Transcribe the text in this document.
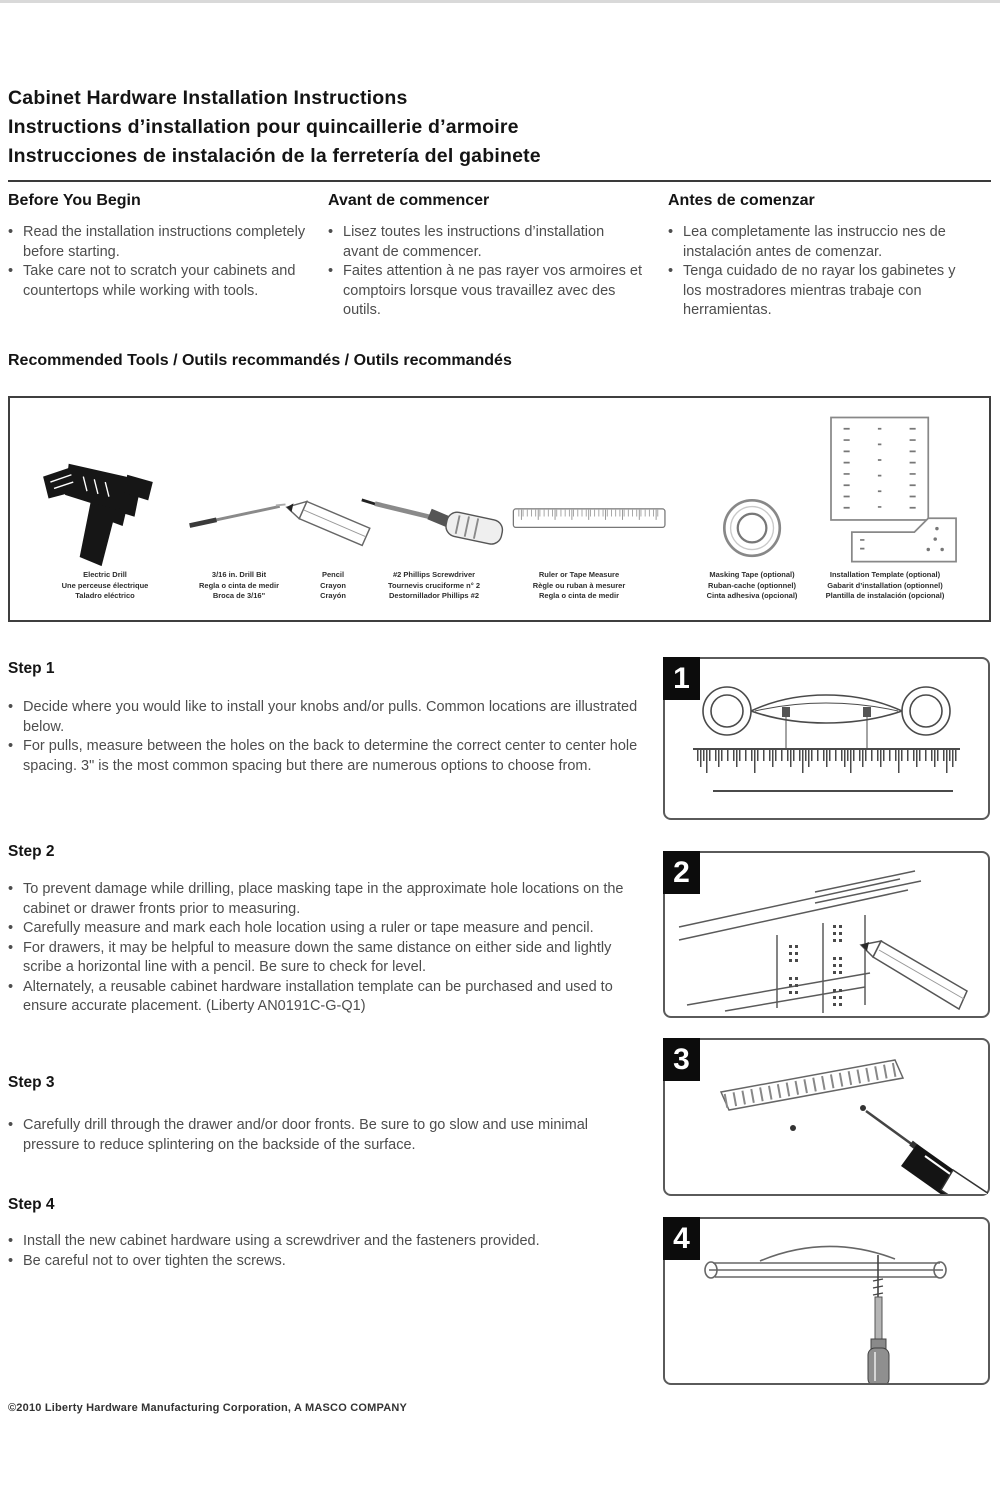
Cabinet Hardware Installation Instructions
Instructions d’installation pour quincaillerie d’armoire
Instrucciones de instalación de la ferretería del gabinete
Before You Begin
• Read the installation instructions completely before starting.
• Take care not to scratch your cabinets and countertops while working with tools.
Avant de commencer
• Lisez toutes les instructions d’installation avant de commencer.
• Faites attention à ne pas rayer vos armoires et comptoirs lorsque vous travaillez avec des outils.
Antes de comenzar
• Lea completamente las instruccio nes de instalación antes de comenzar.
• Tenga cuidado de no rayar los gabinetes y los mostradores mientras trabaje con herramientas.
Recommended Tools / Outils recommandés / Outils recommandés
Electric Drill
Une perceuse électrique
Taladro eléctrico
3/16 in. Drill Bit
Regla o cinta de medir
Broca de 3/16"
Pencil
Crayon
Crayón
#2 Phillips Screwdriver
Tournevis cruciforme n° 2
Destornillador Phillips #2
Ruler or Tape Measure
Règle ou ruban à mesurer
Regla o cinta de medir
Masking Tape (optional)
Ruban-cache (optionnel)
Cinta adhesiva (opcional)
Installation Template (optional)
Gabarit d’installation (optionnel)
Plantilla de instalación (opcional)
Step 1
• Decide where you would like to install your knobs and/or pulls. Common locations are illustrated below.
• For pulls, measure between the holes on the back to determine the correct center to center hole spacing. 3" is the most common spacing but there are numerous options to choose from.
1
Step 2
• To prevent damage while drilling, place masking tape in the approximate hole locations on the cabinet or drawer fronts prior to measuring.
• Carefully measure and mark each hole location using a ruler or tape measure and pencil.
• For drawers, it may be helpful to measure down the same distance on either side and lightly scribe a horizontal line with a pencil. Be sure to check for level.
• Alternately, a reusable cabinet hardware installation template can be purchased and used to ensure accurate placement. (Liberty AN0191C-G-Q1)
2
Step 3
• Carefully drill through the drawer and/or door fronts. Be sure to go slow and use minimal pressure to reduce splintering on the backside of the surface.
3
Step 4
• Install the new cabinet hardware using a screwdriver and the fasteners provided.
• Be careful not to over tighten the screws.
4
©2010 Liberty Hardware Manufacturing Corporation, A MASCO COMPANY
